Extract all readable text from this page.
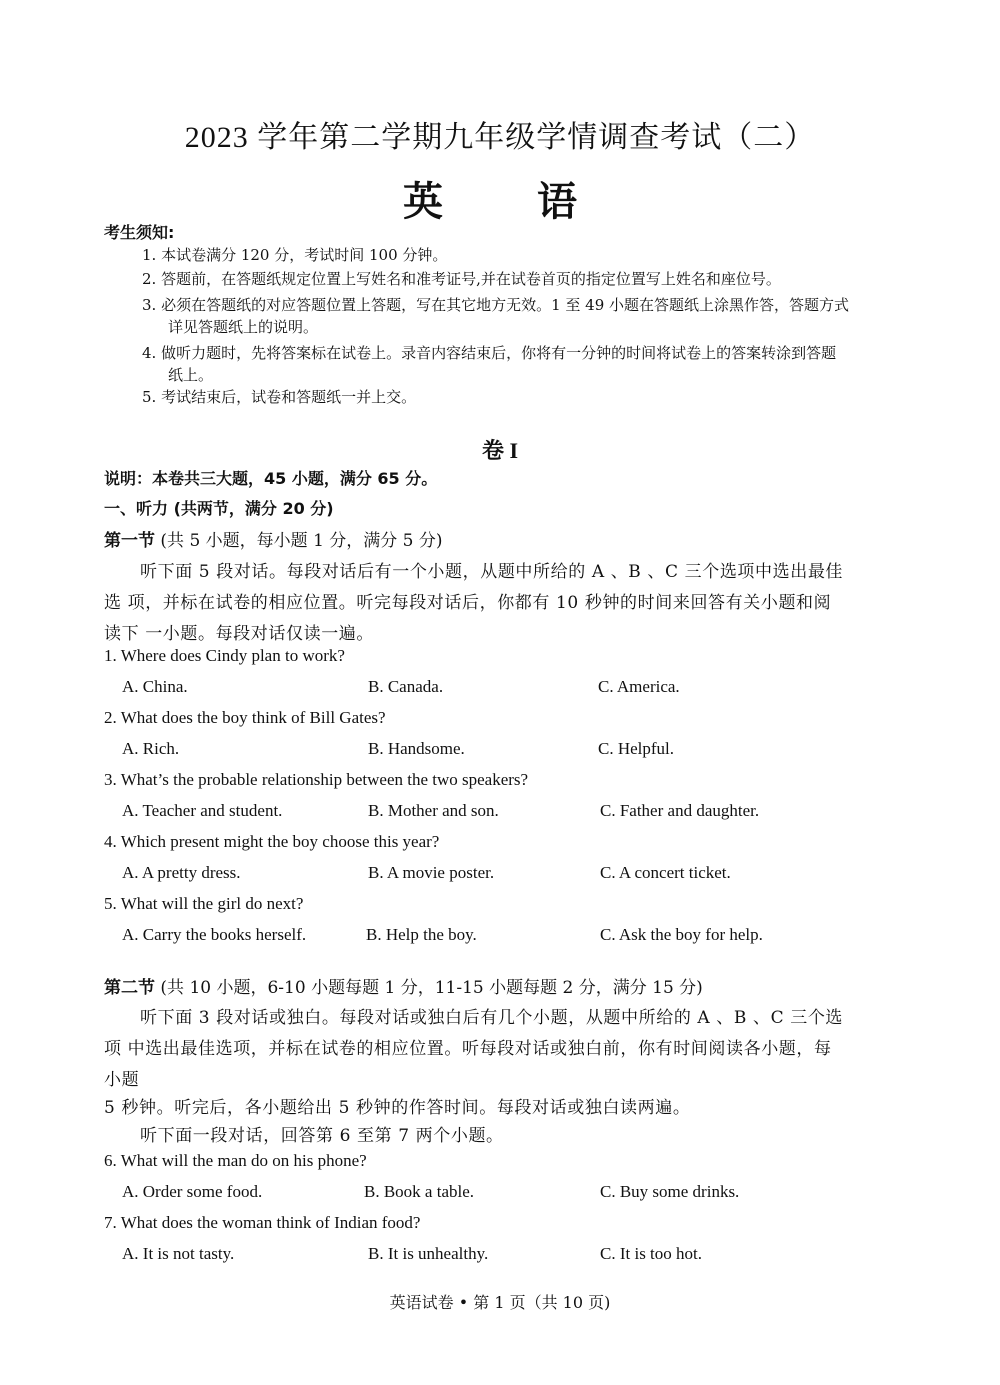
2023 学年第二学期九年级学情调查考试（二）
英 语
考生须知:
1. 本试卷满分 120 分，考试时间 100 分钟。
2. 答题前，在答题纸规定位置上写姓名和准考证号,并在试卷首页的指定位置写上姓名和座位号。
3. 必须在答题纸的对应答题位置上答题，写在其它地方无效。1 至 49 小题在答题纸上涂黑作答，答题方式
详见答题纸上的说明。
4. 做听力题时，先将答案标在试卷上。录音内容结束后，你将有一分钟的时间将试卷上的答案转涂到答题
纸上。
5. 考试结束后，试卷和答题纸一并上交。
卷 I
说明：本卷共三大题，45 小题，满分 65 分。
一、听力 (共两节，满分 20 分)
第一节 (共 5 小题，每小题 1 分，满分 5 分)
听下面 5 段对话。每段对话后有一个小题，从题中所给的 A 、B 、C 三个选项中选出最佳
选 项，并标在试卷的相应位置。听完每段对话后，你都有 10 秒钟的时间来回答有关小题和阅
读下 一小题。每段对话仅读一遍。
1. Where does Cindy plan to work?
A. China.	B. Canada.	C. America.
2. What does the boy think of Bill Gates?
A. Rich.	B. Handsome.	C. Helpful.
3. What’s the probable relationship between the two speakers?
A. Teacher and student.	B. Mother and son.	C. Father and daughter.
4. Which present might the boy choose this year?
A. A pretty dress.	B. A movie poster.	C. A concert ticket.
5. What will the girl do next?
A. Carry the books herself.	B. Help the boy.	C. Ask the boy for help.
第二节 (共 10 小题，6-10 小题每题 1 分，11-15 小题每题 2 分，满分 15 分)
听下面 3 段对话或独白。每段对话或独白后有几个小题，从题中所给的 A 、B 、C 三个选
项 中选出最佳选项，并标在试卷的相应位置。听每段对话或独白前，你有时间阅读各小题，每
小题
5 秒钟。听完后，各小题给出 5 秒钟的作答时间。每段对话或独白读两遍。
听下面一段对话，回答第 6 至第 7 两个小题。
6. What will the man do on his phone?
A. Order some food.	B. Book a table.	C. Buy some drinks.
7. What does the woman think of Indian food?
A. It is not tasty.	B. It is unhealthy.	C. It is too hot.
英语试卷 • 第 1 页（共 10 页)
